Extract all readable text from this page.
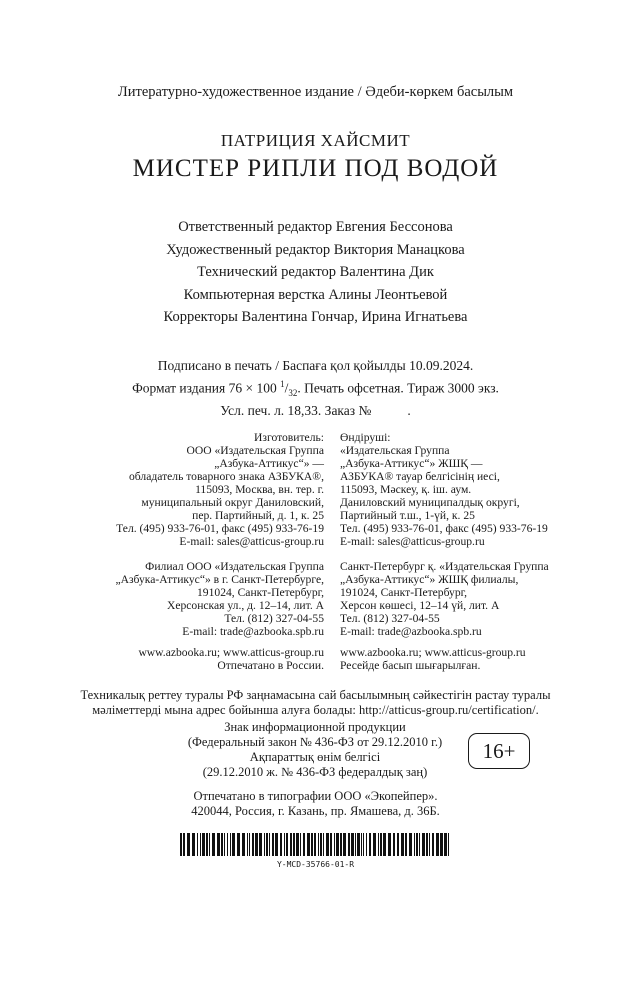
Литературно-художественное издание / Әдеби-көркем басылым
ПАТРИЦИЯ ХАЙСМИТ
МИСТЕР РИПЛИ ПОД ВОДОЙ

Ответственный редактор Евгения Бессонова

Художественный редактор Виктория Манацкова

Технический редактор Валентина Дик

Компьютерная верстка Алины Леонтьевой

Корректоры Валентина Гончар, Ирина Игнатьева

Подписано в печать / Баспаға қол қойылды 10.09.2024.

Формат издания 76 × 100 $^1/_{32}$. Печать офсетная. Тираж 3000 экз.

Усл. печ. л. 18,33. Заказ №	.

Изготовитель:

ООО «Издательская Группа

„Азбука-Аттикус“» —

обладатель товарного знака АЗБУКА®,

115093, Москва, вн. тер. г.

муниципальный округ Даниловский,

пер. Партийный, д. 1, к. 25

Тел. (495) 933-76-01, факс (495) 933-76-19

E-mail: sales@atticus-group.ru

Өндіруші:

«Издательская Группа

„Азбука-Аттикус“» ЖШҚ —

АЗБУКА® тауар белгісінің иесі,

115093, Мәскеу, қ. іш. аум.

Даниловский муниципалдық округі,

Партийный т.ш., 1-үй, к. 25

Тел. (495) 933-76-01, факс (495) 933-76-19

E-mail: sales@atticus-group.ru

Филиал ООО «Издательская Группа

„Азбука-Аттикус“» в г. Санкт-Петербурге,

191024, Санкт-Петербург,

Херсонская ул., д. 12–14, лит. А

Тел. (812) 327-04-55

E-mail: trade@azbooka.spb.ru

Санкт-Петербург қ. «Издательская Группа

„Азбука-Аттикус“» ЖШҚ филиалы,

191024, Санкт-Петербург,

Херсон көшесі, 12–14 үй, лит. А

Тел. (812) 327-04-55

E-mail: trade@azbooka.spb.ru

www.azbooka.ru; www.atticus-group.ru

Отпечатано в России.

www.azbooka.ru; www.atticus-group.ru

Ресейде басып шығарылған.

Техникалық реттеу туралы РФ заңнамасына сай басылымның сәйкестігін растау туралы

мәліметтерді мына адрес бойынша алуға болады: http://atticus-group.ru/certification/.

Знак информационной продукции

(Федеральный закон № 436-ФЗ от 29.12.2010 г.)

Ақпараттық өнім белгісі

(29.12.2010 ж. № 436-ФЗ федералдық заң)

16+

Отпечатано в типографии ООО «Экопейпер».

420044, Россия, г. Казань, пр. Ямашева, д. 36Б.

Y-MCD-35766-01-R
